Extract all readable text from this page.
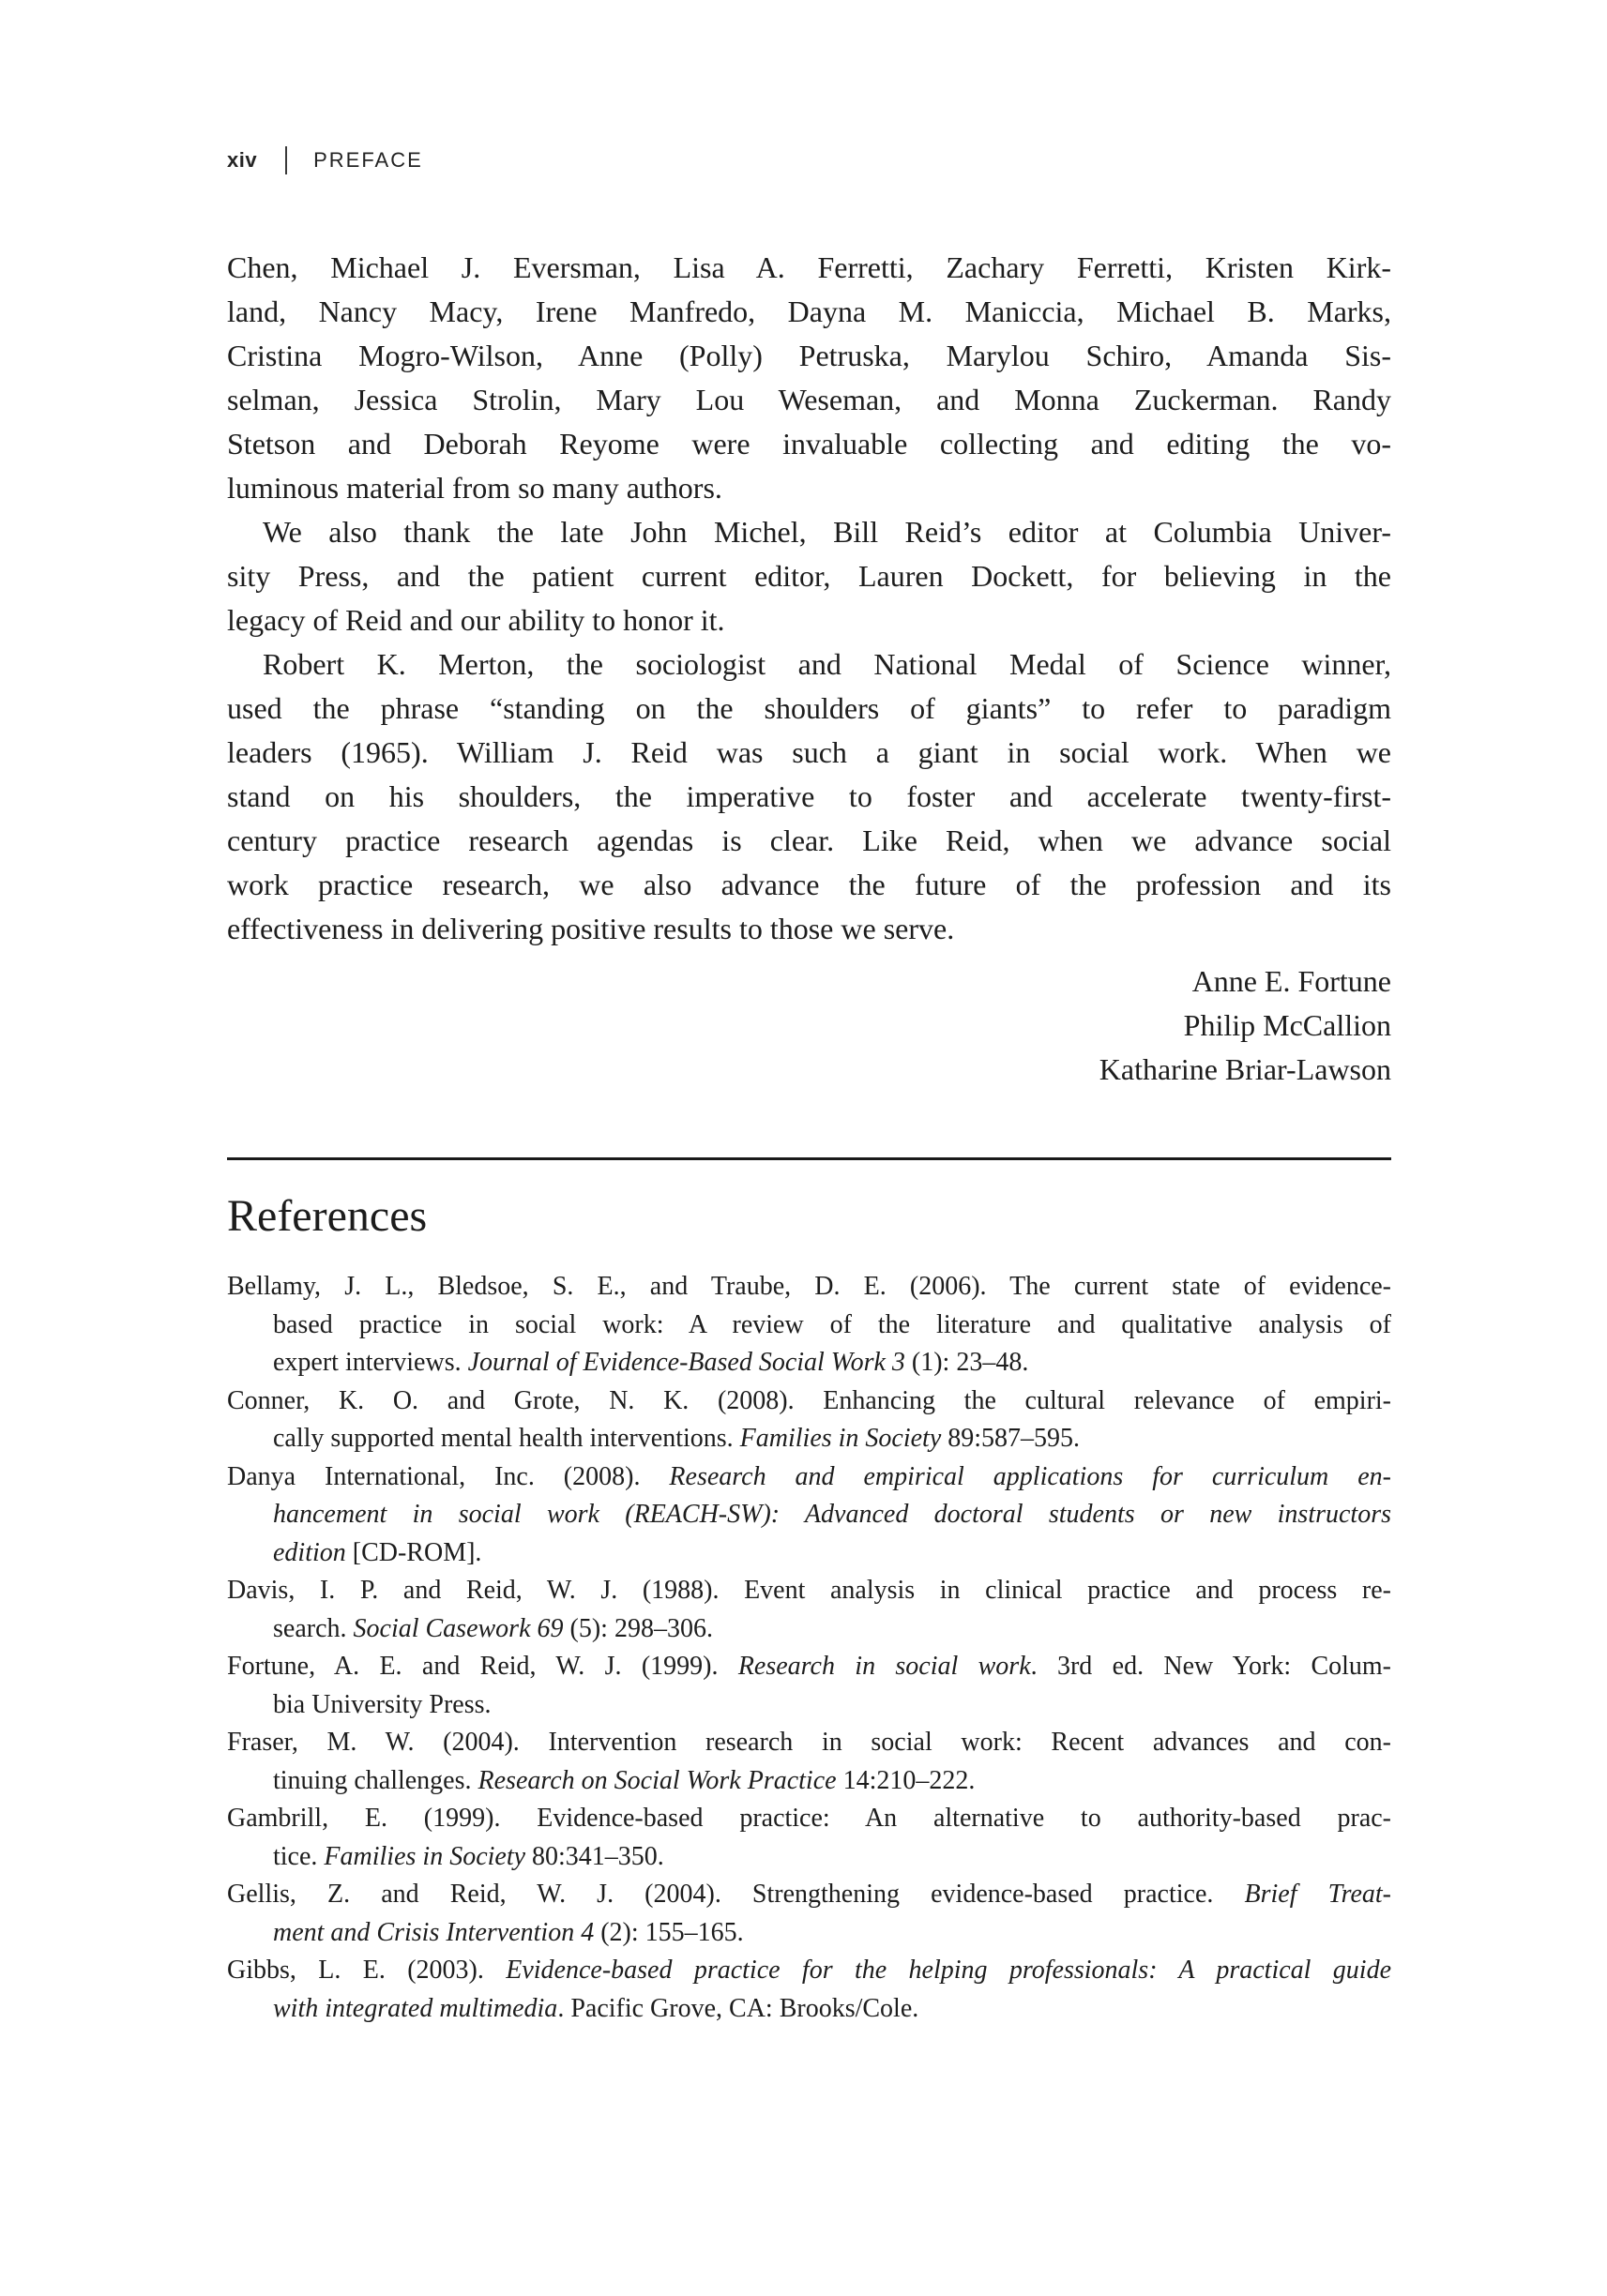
xiv	PREFACE
Chen, Michael J. Eversman, Lisa A. Ferretti, Zachary Ferretti, Kristen Kirk-
land, Nancy Macy, Irene Manfredo, Dayna M. Maniccia, Michael B. Marks,
Cristina Mogro-Wilson, Anne (Polly) Petruska, Marylou Schiro, Amanda Sis-
selman, Jessica Strolin, Mary Lou Weseman, and Monna Zuckerman. Randy
Stetson and Deborah Reyome were invaluable collecting and editing the vo-
luminous material from so many authors.
We also thank the late John Michel, Bill Reid’s editor at Columbia Univer-
sity Press, and the patient current editor, Lauren Dockett, for believing in the
legacy of Reid and our ability to honor it.
Robert K. Merton, the sociologist and National Medal of Science winner,
used the phrase “standing on the shoulders of giants” to refer to paradigm
leaders (1965). William J. Reid was such a giant in social work. When we
stand on his shoulders, the imperative to foster and accelerate twenty-first-
century practice research agendas is clear. Like Reid, when we advance social
work practice research, we also advance the future of the profession and its
effectiveness in delivering positive results to those we serve.
Anne E. Fortune
Philip McCallion
Katharine Briar-Lawson
References
Bellamy, J. L., Bledsoe, S. E., and Traube, D. E. (2006). The current state of evidence-
based practice in social work: A review of the literature and qualitative analysis of
expert interviews. Journal of Evidence-Based Social Work 3 (1): 23–48.
Conner, K. O. and Grote, N. K. (2008). Enhancing the cultural relevance of empiri-
cally supported mental health interventions. Families in Society 89:587–595.
Danya International, Inc. (2008). Research and empirical applications for curriculum en-
hancement in social work (REACH-SW): Advanced doctoral students or new instructors
edition [CD-ROM].
Davis, I. P. and Reid, W. J. (1988). Event analysis in clinical practice and process re-
search. Social Casework 69 (5): 298–306.
Fortune, A. E. and Reid, W. J. (1999). Research in social work. 3rd ed. New York: Colum-
bia University Press.
Fraser, M. W. (2004). Intervention research in social work: Recent advances and con-
tinuing challenges. Research on Social Work Practice 14:210–222.
Gambrill, E. (1999). Evidence-based practice: An alternative to authority-based prac-
tice. Families in Society 80:341–350.
Gellis, Z. and Reid, W. J. (2004). Strengthening evidence-based practice. Brief Treat-
ment and Crisis Intervention 4 (2): 155–165.
Gibbs, L. E. (2003). Evidence-based practice for the helping professionals: A practical guide
with integrated multimedia. Pacific Grove, CA: Brooks/Cole.
